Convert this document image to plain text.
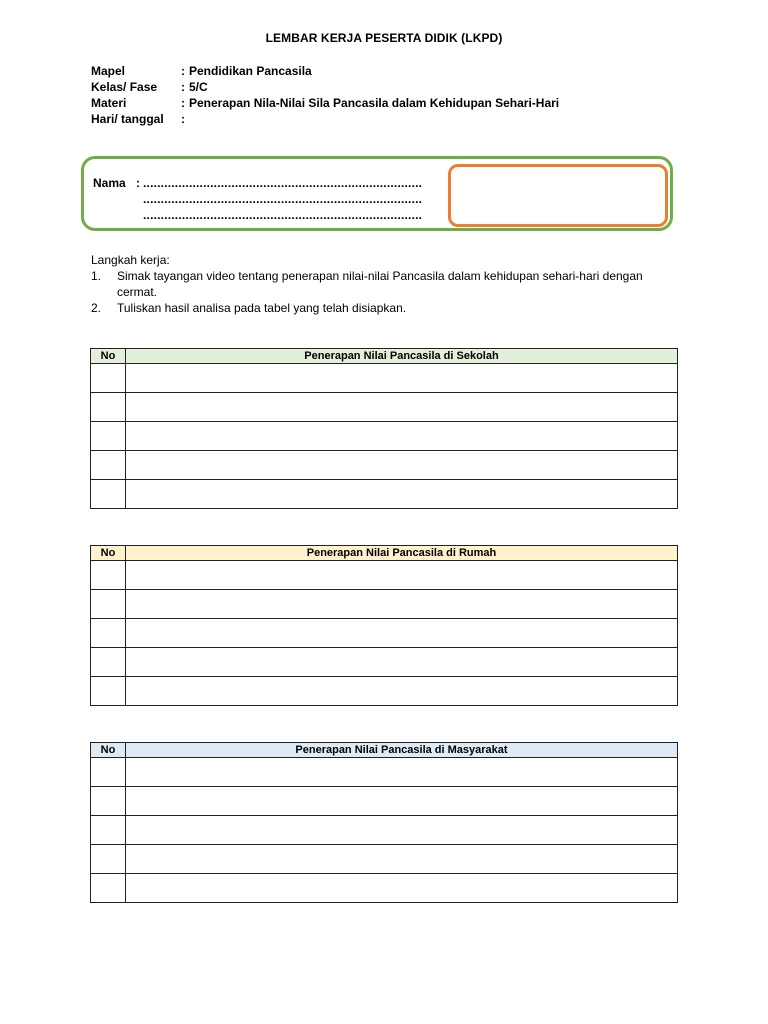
LEMBAR KERJA PESERTA DIDIK (LKPD)
Mapel	: Pendidikan Pancasila
Kelas/ Fase	: 5/C
Materi	: Penerapan Nila-Nilai Sila Pancasila dalam Kehidupan Sehari-Hari
Hari/ tanggal	:
Nama : ...............................................................................
...............................................................................
...............................................................................
Langkah kerja:
1.	Simak tayangan video tentang penerapan nilai-nilai Pancasila dalam kehidupan sehari-hari dengan cermat.
2.	Tuliskan hasil analisa pada tabel yang telah disiapkan.
No	Penerapan Nilai Pancasila di Sekolah

No	Penerapan Nilai Pancasila di Rumah

No	Penerapan Nilai Pancasila di Masyarakat
